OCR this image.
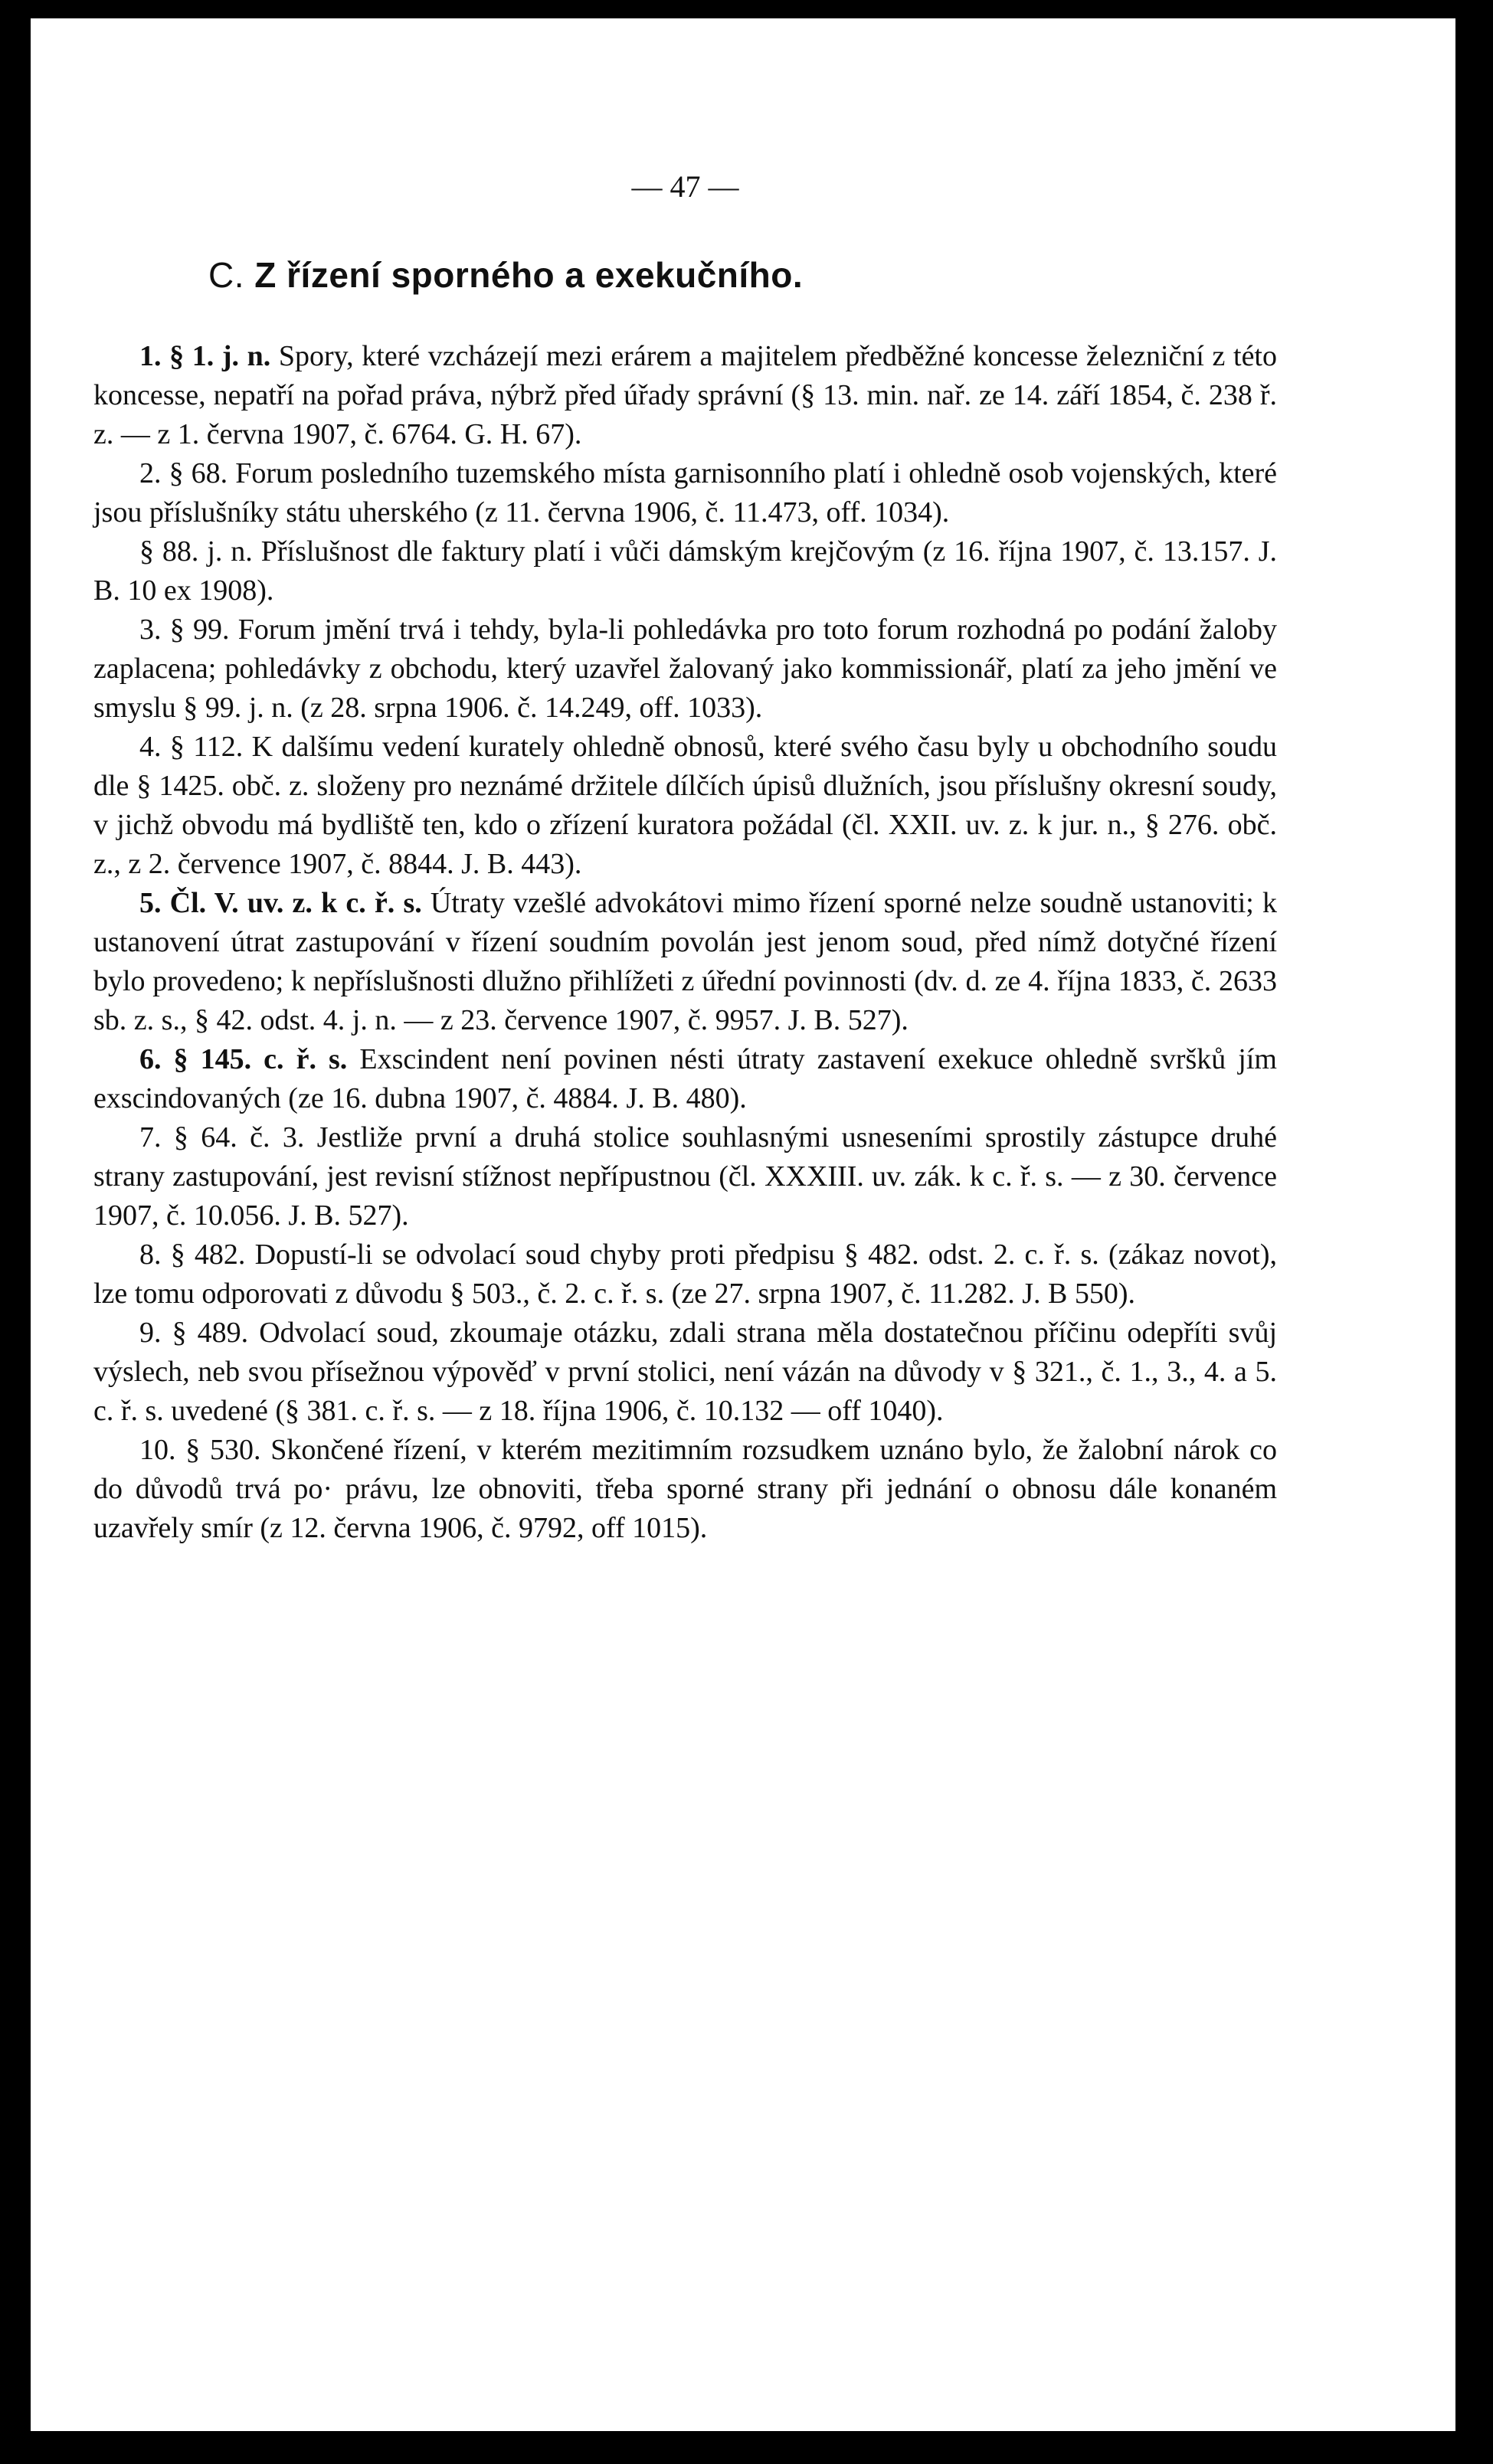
— 47 —
C. Z řízení sporného a exekučního.

1. § 1. j. n. Spory, které vzcházejí mezi erárem a majitelem předběžné koncesse železniční z této koncesse, nepatří na pořad práva, nýbrž před úřady správní (§ 13. min. nař. ze 14. září 1854, č. 238 ř. z. — z 1. června 1907, č. 6764. G. H. 67).

2. § 68. Forum posledního tuzemského místa garnisonního platí i ohledně osob vojenských, které jsou příslušníky státu uherského (z 11. června 1906, č. 11.473, off. 1034).

§ 88. j. n. Příslušnost dle faktury platí i vůči dámským krejčovým (z 16. října 1907, č. 13.157. J. B. 10 ex 1908).

3. § 99. Forum jmění trvá i tehdy, byla-li pohledávka pro toto forum rozhodná po podání žaloby zaplacena; pohledávky z obchodu, který uzavřel žalovaný jako kommissionář, platí za jeho jmění ve smyslu § 99. j. n. (z 28. srpna 1906. č. 14.249, off. 1033).

4. § 112. K dalšímu vedení kuratelу ohledně obnosů, které svého času byly u obchodního soudu dle § 1425. obč. z. složeny pro neznámé držitele dílčích úpisů dlužních, jsou příslušny okresní soudy, v jichž obvodu má bydliště ten, kdo o zřízení kuratora požádal (čl. XXII. uv. z. k jur. n., § 276. obč. z., z 2. července 1907, č. 8844. J. B. 443).

5. Čl. V. uv. z. k c. ř. s. Útraty vzešlé advokátovi mimo řízení sporné nelze soudně ustanoviti; k ustanovení útrat zastupování v řízení soudním povolán jest jenom soud, před nímž dotyčné řízení bylo provedeno; k nepříslušnosti dlužno přihlížeti z úřední povinnosti (dv. d. ze 4. října 1833, č. 2633 sb. z. s., § 42. odst. 4. j. n. — z 23. července 1907, č. 9957. J. B. 527).

6. § 145. c. ř. s. Exscindent není povinen nésti útraty zastavení exekuce ohledně svršků jím exscindovaných (ze 16. dubna 1907, č. 4884. J. B. 480).

7. § 64. č. 3. Jestliže první a druhá stolice souhlasnými usneseními sprostily zástupce druhé strany zastupování, jest revisní stížnost nepřípustnou (čl. XXXIII. uv. zák. k c. ř. s. — z 30. července 1907, č. 10.056. J. B. 527).

8. § 482. Dopustí-li se odvolací soud chyby proti předpisu § 482. odst. 2. c. ř. s. (zákaz novot), lze tomu odporovati z důvodu § 503., č. 2. c. ř. s. (ze 27. srpna 1907, č. 11.282. J. B 550).

9. § 489. Odvolací soud, zkoumaje otázku, zdali strana měla dostatečnou příčinu odepříti svůj výslech, neb svou přísežnou výpověď v první stolici, není vázán na důvody v § 321., č. 1., 3., 4. a 5. c. ř. s. uvedené (§ 381. c. ř. s. — z 18. října 1906, č. 10.132 — off 1040).

10. § 530. Skončené řízení, v kterém mezitimním rozsudkem uznáno bylo, že žalobní nárok co do důvodů trvá po· právu, lze obnoviti, třeba sporné strany při jednání o obnosu dále konaném uzavřely smír (z 12. června 1906, č. 9792, off 1015).
